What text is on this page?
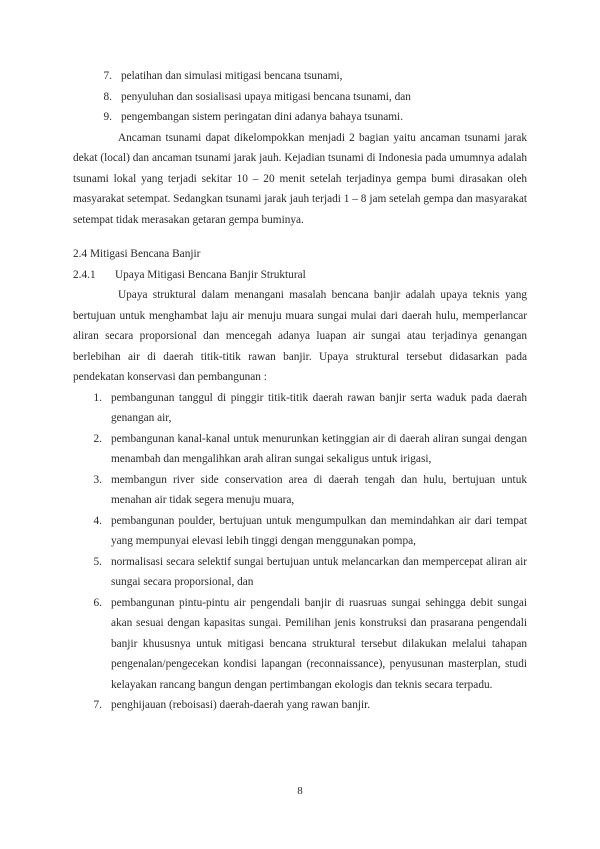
7. pelatihan dan simulasi mitigasi bencana tsunami,
8. penyuluhan dan sosialisasi upaya mitigasi bencana tsunami, dan
9. pengembangan sistem peringatan dini adanya bahaya tsunami.

Ancaman tsunami dapat dikelompokkan menjadi 2 bagian yaitu ancaman tsunami jarak dekat (local) dan ancaman tsunami jarak jauh. Kejadian tsunami di Indonesia pada umumnya adalah tsunami lokal yang terjadi sekitar 10 – 20 menit setelah terjadinya gempa bumi dirasakan oleh masyarakat setempat. Sedangkan tsunami jarak jauh terjadi 1 – 8 jam setelah gempa dan masyarakat setempat tidak merasakan getaran gempa buminya.

2.4 Mitigasi Bencana Banjir

2.4.1 Upaya Mitigasi Bencana Banjir Struktural

Upaya struktural dalam menangani masalah bencana banjir adalah upaya teknis yang bertujuan untuk menghambat laju air menuju muara sungai mulai dari daerah hulu, memperlancar aliran secara proporsional dan mencegah adanya luapan air sungai atau terjadinya genangan berlebihan air di daerah titik-titik rawan banjir. Upaya struktural tersebut didasarkan pada pendekatan konservasi dan pembangunan :

1. pembangunan tanggul di pinggir titik-titik daerah rawan banjir serta waduk pada daerah genangan air,
2. pembangunan kanal-kanal untuk menurunkan ketinggian air di daerah aliran sungai dengan menambah dan mengalihkan arah aliran sungai sekaligus untuk irigasi,
3. membangun river side conservation area di daerah tengah dan hulu, bertujuan untuk menahan air tidak segera menuju muara,
4. pembangunan poulder, bertujuan untuk mengumpulkan dan memindahkan air dari tempat yang mempunyai elevasi lebih tinggi dengan menggunakan pompa,
5. normalisasi secara selektif sungai bertujuan untuk melancarkan dan mempercepat aliran air sungai secara proporsional, dan
6. pembangunan pintu-pintu air pengendali banjir di ruasruas sungai sehingga debit sungai akan sesuai dengan kapasitas sungai. Pemilihan jenis konstruksi dan prasarana pengendali banjir khususnya untuk mitigasi bencana struktural tersebut dilakukan melalui tahapan pengenalan/pengecekan kondisi lapangan (reconnaissance), penyusunan masterplan, studi kelayakan rancang bangun dengan pertimbangan ekologis dan teknis secara terpadu.
7. penghijauan (reboisasi) daerah-daerah yang rawan banjir.
8
